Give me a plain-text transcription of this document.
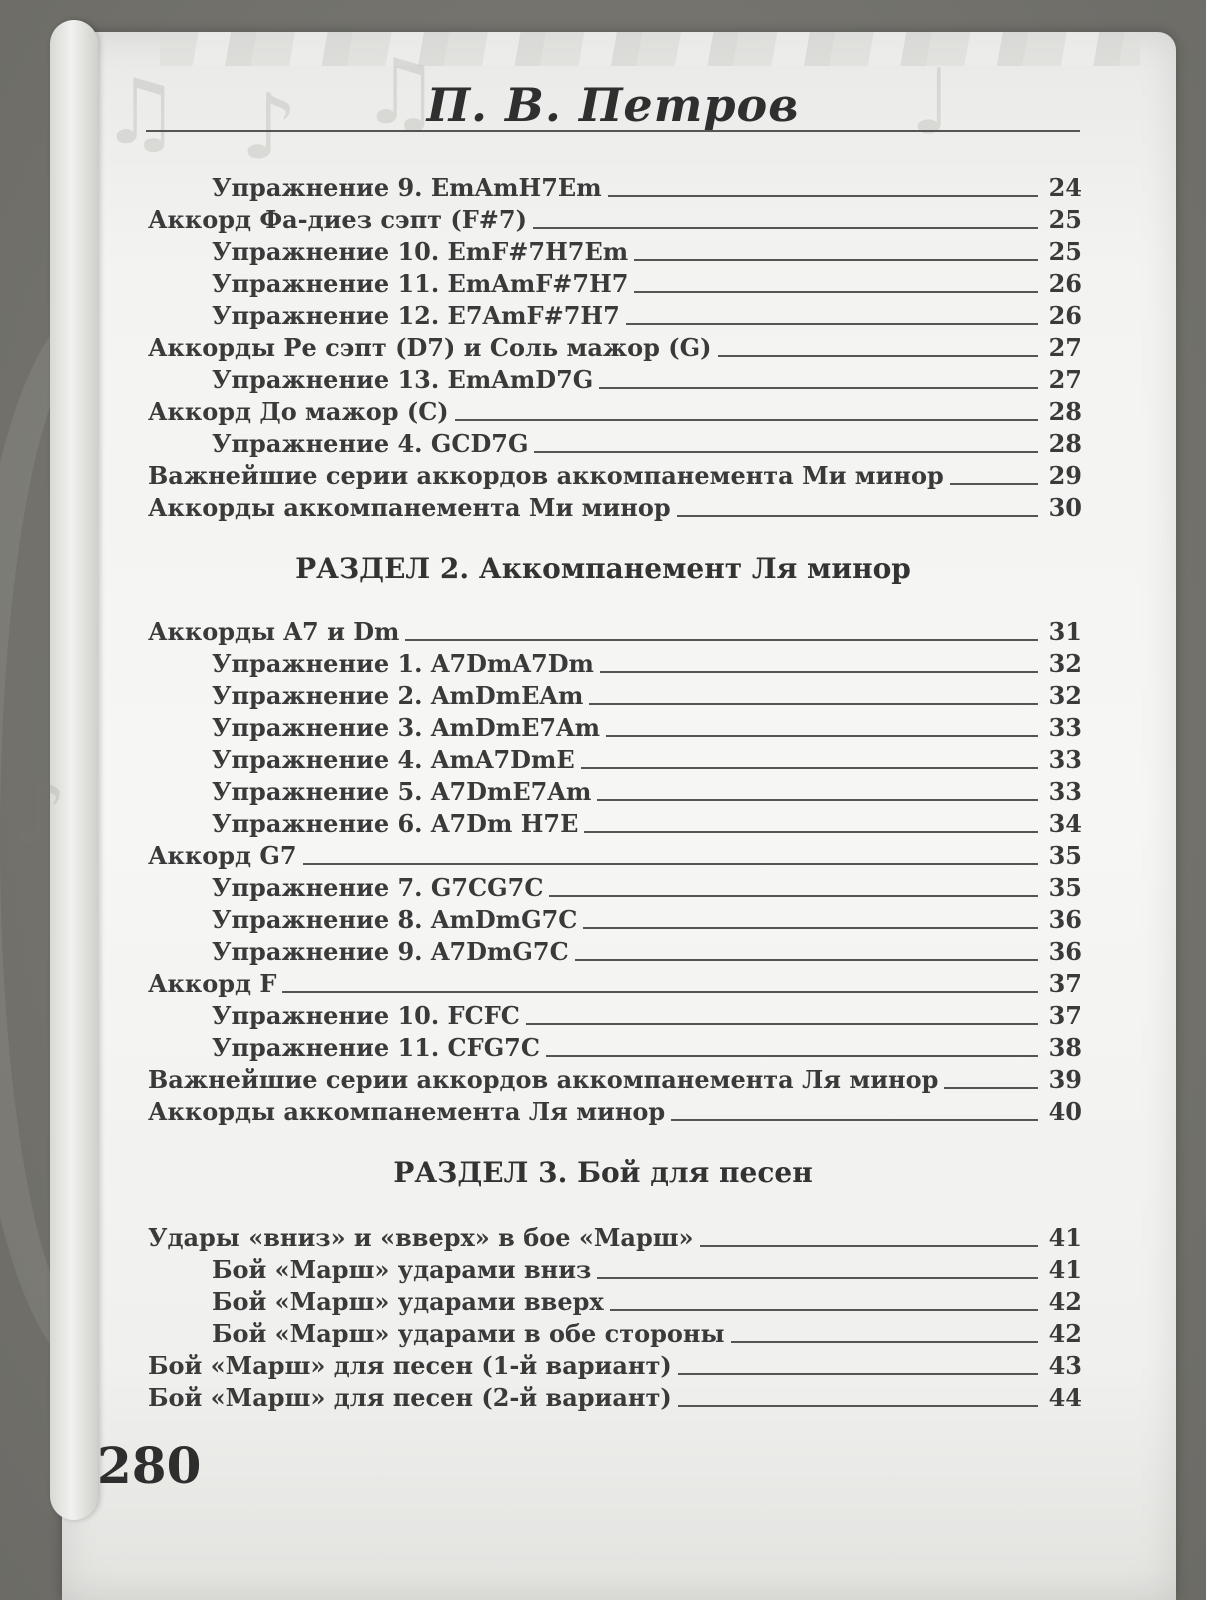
♫ ♪ ♫	♩
♪
П. В. Петров
Упражнение 9. EmAmH7Em	24
Аккорд Фа-диез сэпт (F#7)	25
Упражнение 10. EmF#7H7Em	25
Упражнение 11. EmAmF#7H7	26
Упражнение 12. E7AmF#7H7	26
Аккорды Ре сэпт (D7) и Соль мажор (G)	27
Упражнение 13. EmAmD7G	27
Аккорд До мажор (С)	28
Упражнение 4. GCD7G	28
Важнейшие серии аккордов аккомпанемента Ми минор	29
Аккорды аккомпанемента Ми минор	30
РАЗДЕЛ 2. Аккомпанемент Ля минор
Аккорды A7 и Dm	31
Упражнение 1. A7DmA7Dm	32
Упражнение 2. AmDmEAm	32
Упражнение 3. AmDmE7Am	33
Упражнение 4. AmA7DmE	33
Упражнение 5. A7DmE7Am	33
Упражнение 6. A7Dm H7E	34
Аккорд G7	35
Упражнение 7. G7CG7C	35
Упражнение 8. AmDmG7C	36
Упражнение 9. A7DmG7C	36
Аккорд F	37
Упражнение 10. FCFC	37
Упражнение 11. CFG7C	38
Важнейшие серии аккордов аккомпанемента Ля минор	39
Аккорды аккомпанемента Ля минор	40
РАЗДЕЛ 3. Бой для песен
Удары «вниз» и «вверх» в бое «Марш»	41
Бой «Марш» ударами вниз	41
Бой «Марш» ударами вверх	42
Бой «Марш» ударами в обе стороны	42
Бой «Марш» для песен (1-й вариант)	43
Бой «Марш» для песен (2-й вариант)	44
280
